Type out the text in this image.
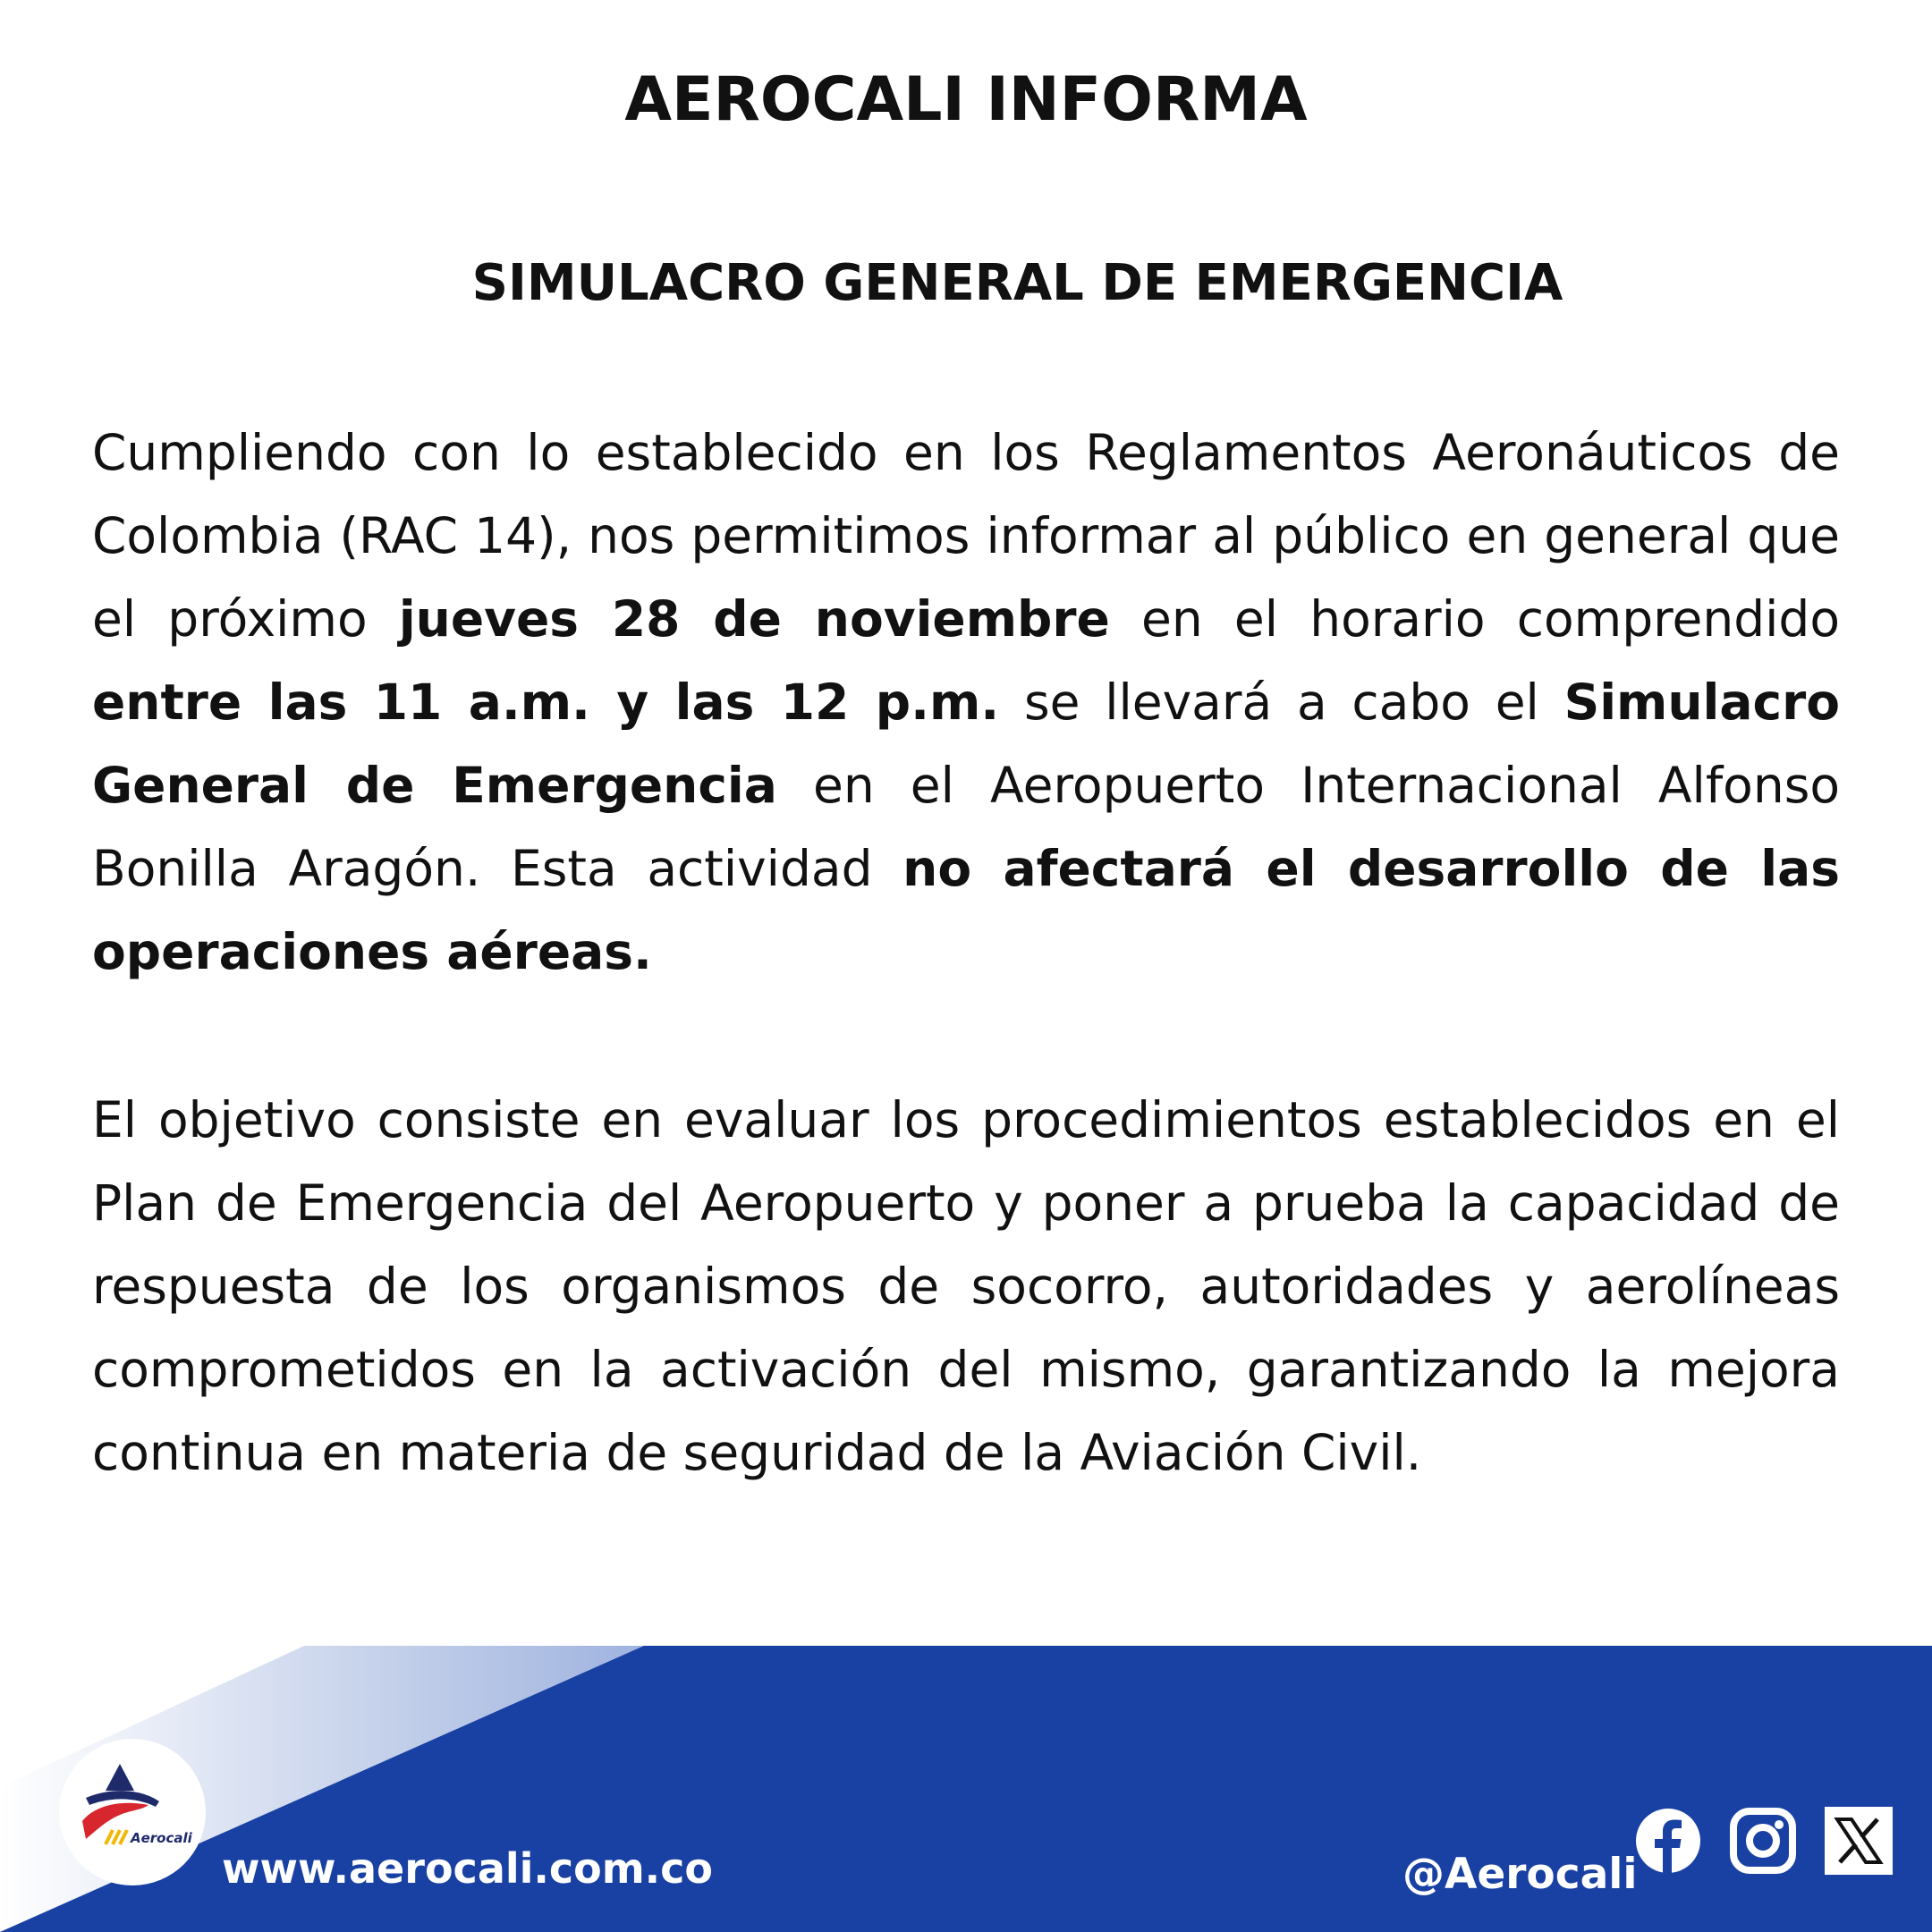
AEROCALI INFORMA
SIMULACRO GENERAL DE EMERGENCIA

Cumpliendo con lo establecido en los Reglamentos Aeronáuticos de Colombia (RAC 14), nos permitimos informar al público en general que el próximo jueves 28 de noviembre en el horario comprendido entre las 11 a.m. y las 12 p.m. se llevará a cabo el Simulacro General de Emergencia en el Aeropuerto Internacional Alfonso Bonilla Aragón. Esta actividad no afectará el desarrollo de las operaciones aéreas.

El objetivo consiste en evaluar los procedimientos establecidos en el Plan de Emergencia del Aeropuerto y poner a prueba la capacidad de respuesta de los organismos de socorro, autoridades y aerolíneas comprometidos en la activación del mismo, garantizando la mejora continua en materia de seguridad de la Aviación Civil.

Aerocali

www.aerocali.com.co	@Aerocali
